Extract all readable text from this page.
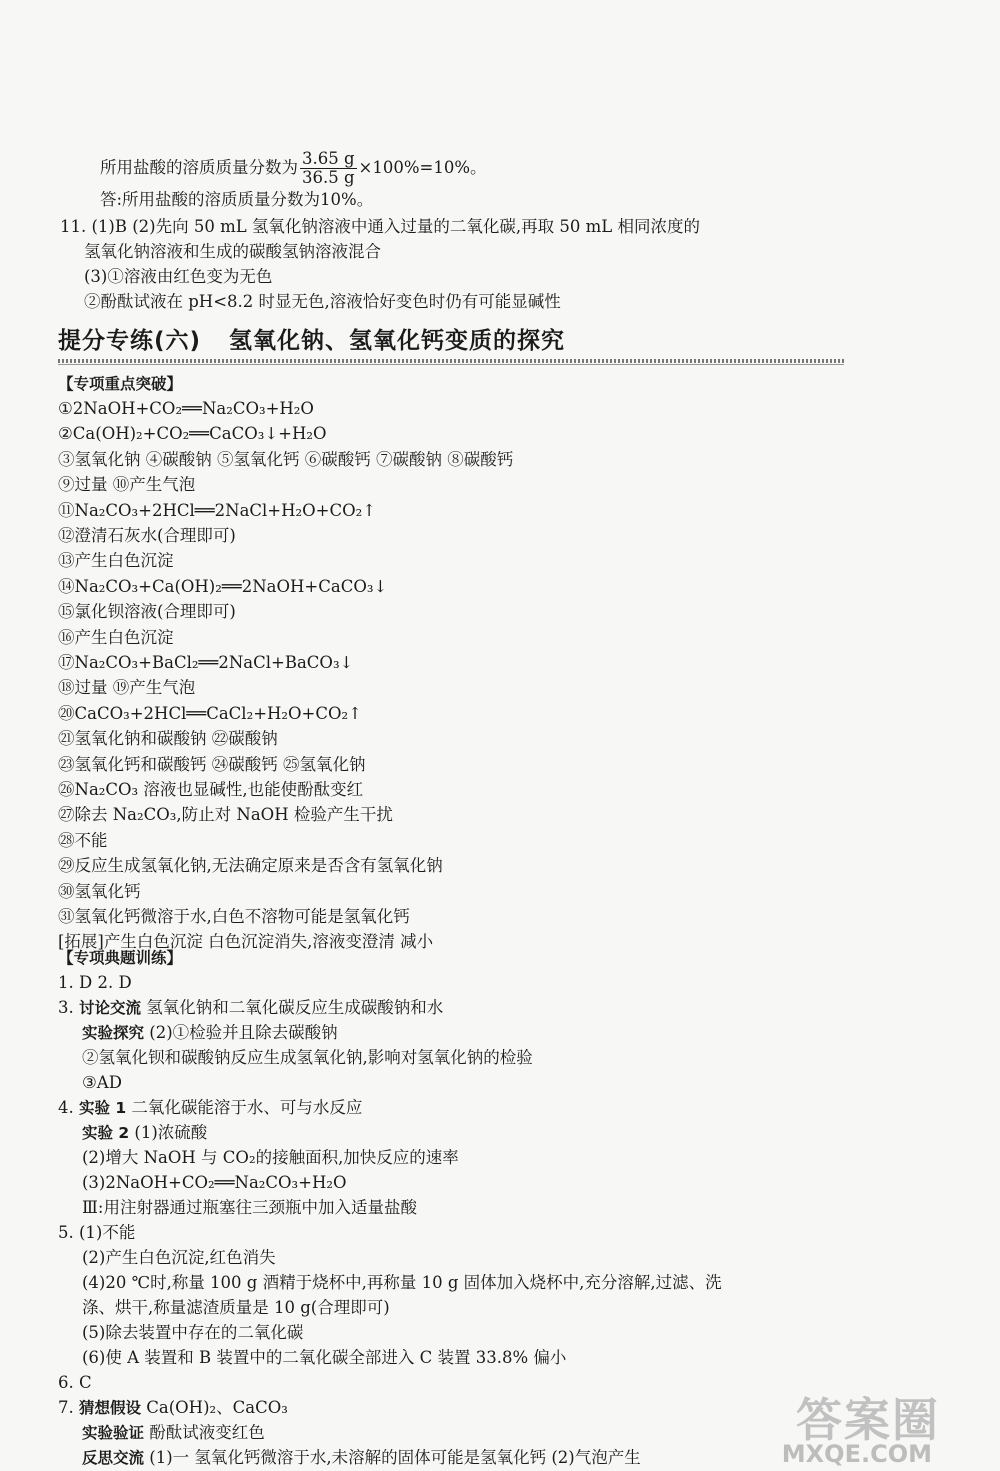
所用盐酸的溶质质量分数为 $\frac{3.65 g}{36.5 g} \times 100\%=10\%$。
答:所用盐酸的溶质质量分数为10%。
11. (1)B (2)先向 50 mL 氢氧化钠溶液中通入过量的二氧化碳,再取 50 mL 相同浓度的
氢氧化钠溶液和生成的碳酸氢钠溶液混合
(3)①溶液由红色变为无色
②酚酞试液在 pH<8.2 时显无色,溶液恰好变色时仍有可能显碱性
提分专练(六) 氢氧化钠、氢氧化钙变质的探究
【专项重点突破】
①2NaOH+CO₂══Na₂CO₃+H₂O
②Ca(OH)₂+CO₂══CaCO₃↓+H₂O
③氢氧化钠 ④碳酸钠 ⑤氢氧化钙 ⑥碳酸钙 ⑦碳酸钠 ⑧碳酸钙
⑨过量 ⑩产生气泡
⑪Na₂CO₃+2HCl══2NaCl+H₂O+CO₂↑
⑫澄清石灰水(合理即可)
⑬产生白色沉淀
⑭Na₂CO₃+Ca(OH)₂══2NaOH+CaCO₃↓
⑮氯化钡溶液(合理即可)
⑯产生白色沉淀
⑰Na₂CO₃+BaCl₂══2NaCl+BaCO₃↓
⑱过量 ⑲产生气泡
⑳CaCO₃+2HCl══CaCl₂+H₂O+CO₂↑
㉑氢氧化钠和碳酸钠 ㉒碳酸钠
㉓氢氧化钙和碳酸钙 ㉔碳酸钙 ㉕氢氧化钠
㉖Na₂CO₃ 溶液也显碱性,也能使酚酞变红
㉗除去 Na₂CO₃,防止对 NaOH 检验产生干扰
㉘不能
㉙反应生成氢氧化钠,无法确定原来是否含有氢氧化钠
㉚氢氧化钙
㉛氢氧化钙微溶于水,白色不溶物可能是氢氧化钙
[拓展]产生白色沉淀 白色沉淀消失,溶液变澄清 减小
【专项典题训练】
1. D 2. D
3. 讨论交流 氢氧化钠和二氧化碳反应生成碳酸钠和水
实验探究 (2)①检验并且除去碳酸钠
②氢氧化钡和碳酸钠反应生成氢氧化钠,影响对氢氧化钠的检验
③AD
4. 实验 1 二氧化碳能溶于水、可与水反应
实验 2 (1)浓硫酸
(2)增大 NaOH 与 CO₂的接触面积,加快反应的速率
(3)2NaOH+CO₂══Na₂CO₃+H₂O
Ⅲ:用注射器通过瓶塞往三颈瓶中加入适量盐酸
5. (1)不能
(2)产生白色沉淀,红色消失
(4)20 ℃时,称量 100 g 酒精于烧杯中,再称量 10 g 固体加入烧杯中,充分溶解,过滤、洗
涤、烘干,称量滤渣质量是 10 g(合理即可)
(5)除去装置中存在的二氧化碳
(6)使 A 装置和 B 装置中的二氧化碳全部进入 C 装置 33.8% 偏小
6. C
7. 猜想假设 Ca(OH)₂、CaCO₃
实验验证 酚酞试液变红色
反思交流 (1)一 氢氧化钙微溶于水,未溶解的固体可能是氢氧化钙 (2)气泡产生
答案圈
MXQE.COM
